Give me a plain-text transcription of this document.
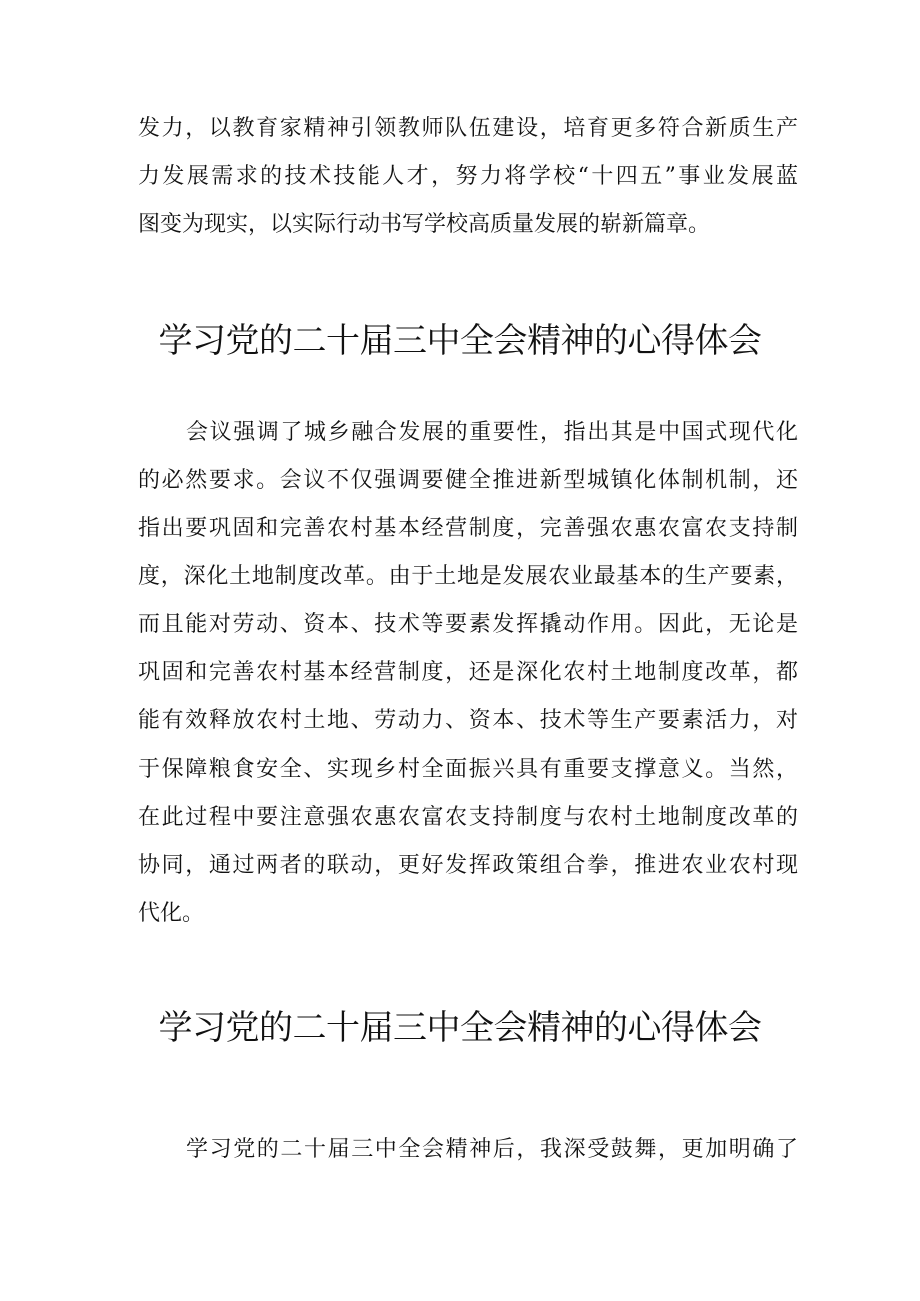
发力，以教育家精神引领教师队伍建设，培育更多符合新质生产
力发展需求的技术技能人才，努力将学校“十四五”事业发展蓝
图变为现实，以实际行动书写学校高质量发展的崭新篇章。
学习党的二十届三中全会精神的心得体会
会议强调了城乡融合发展的重要性，指出其是中国式现代化
的必然要求。会议不仅强调要健全推进新型城镇化体制机制，还
指出要巩固和完善农村基本经营制度，完善强农惠农富农支持制
度，深化土地制度改革。由于土地是发展农业最基本的生产要素，
而且能对劳动、资本、技术等要素发挥撬动作用。因此，无论是
巩固和完善农村基本经营制度，还是深化农村土地制度改革，都
能有效释放农村土地、劳动力、资本、技术等生产要素活力，对
于保障粮食安全、实现乡村全面振兴具有重要支撑意义。当然，
在此过程中要注意强农惠农富农支持制度与农村土地制度改革的
协同，通过两者的联动，更好发挥政策组合拳，推进农业农村现
代化。
学习党的二十届三中全会精神的心得体会
学习党的二十届三中全会精神后，我深受鼓舞，更加明确了
